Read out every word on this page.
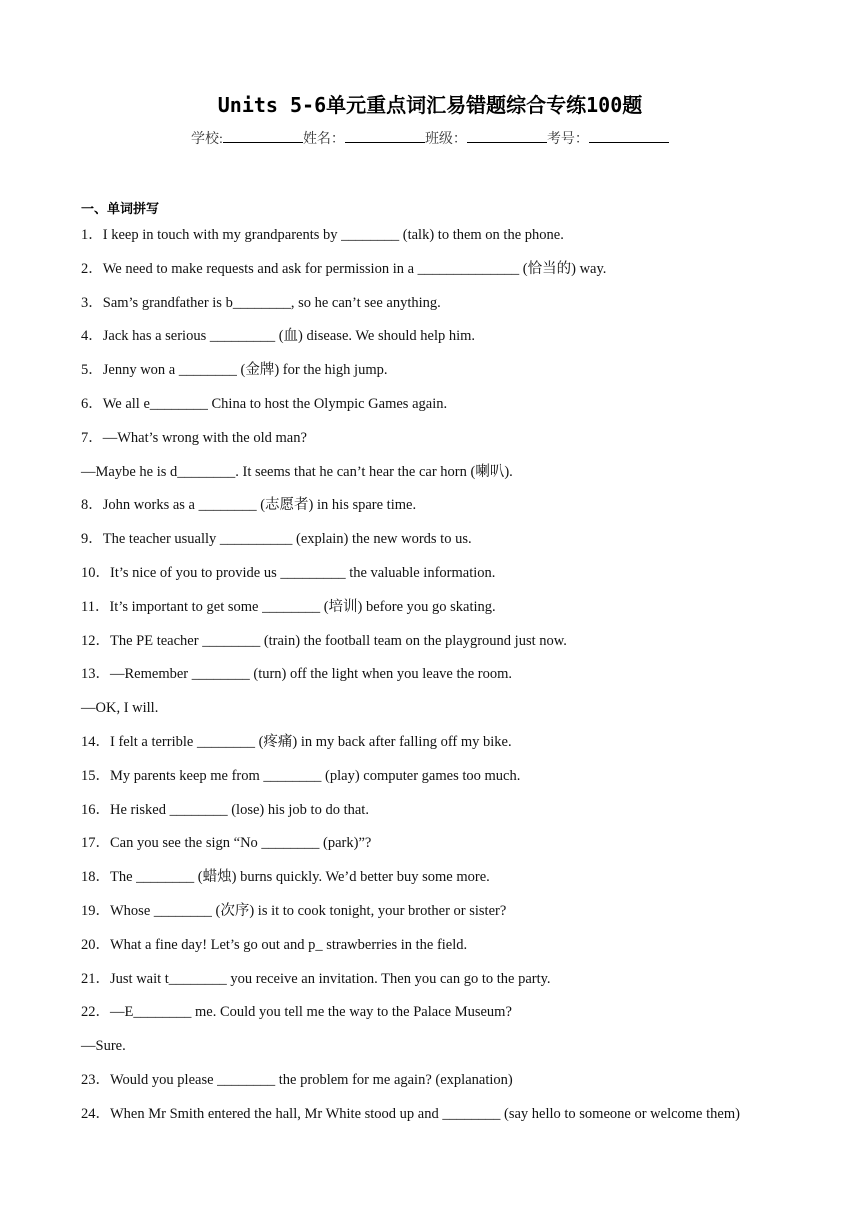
Units 5-6单元重点词汇易错题综合专练100题
学校:	姓名：	班级：	考号：
一、单词拼写
1．I keep in touch with my grandparents by ________ (talk) to them on the phone.
2．We need to make requests and ask for permission in a ______________ (恰当的) way.
3．Sam’s grandfather is b________, so he can’t see anything.
4．Jack has a serious _________ (血) disease. We should help him.
5．Jenny won a ________ (金牌) for the high jump.
6．We all e________ China to host the Olympic Games again.
7．—What’s wrong with the old man?
—Maybe he is d________. It seems that he can’t hear the car horn (喇叭).
8．John works as a ________ (志愿者) in his spare time.
9．The teacher usually __________ (explain) the new words to us.
10．It’s nice of you to provide us _________ the valuable information.
11．It’s important to get some ________ (培训) before you go skating.
12．The PE teacher ________ (train) the football team on the playground just now.
13．—Remember ________ (turn) off the light when you leave the room.
—OK, I will.
14．I felt a terrible ________ (疼痛) in my back after falling off my bike.
15．My parents keep me from ________ (play) computer games too much.
16．He risked ________ (lose) his job to do that.
17．Can you see the sign “No ________ (park)”?
18．The ________ (蜡烛) burns quickly. We’d better buy some more.
19．Whose ________ (次序) is it to cook tonight, your brother or sister?
20．What a fine day! Let’s go out and p_ strawberries in the field.
21．Just wait t________ you receive an invitation. Then you can go to the party.
22．—E________ me. Could you tell me the way to the Palace Museum?
—Sure.
23．Would you please ________ the problem for me again? (explanation)
24．When Mr Smith entered the hall, Mr White stood up and ________ (say hello to someone or welcome them)
